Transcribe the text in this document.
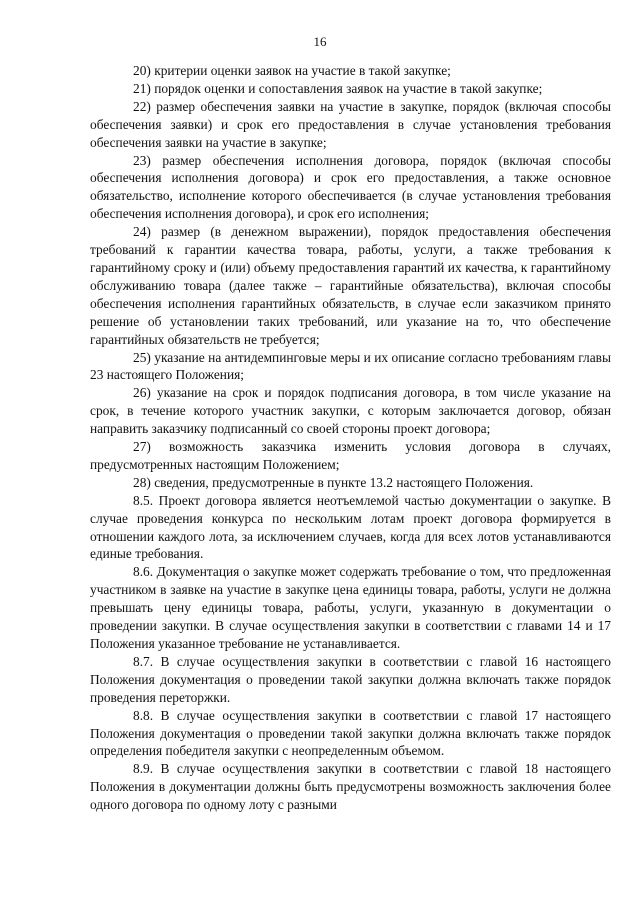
16

20) критерии оценки заявок на участие в такой закупке;

21) порядок оценки и сопоставления заявок на участие в такой закупке;

22) размер обеспечения заявки на участие в закупке, порядок (включая способы обеспечения заявки) и срок его предоставления в случае установления требования обеспечения заявки на участие в закупке;

23) размер обеспечения исполнения договора, порядок (включая способы обеспечения исполнения договора) и срок его предоставления, а также основное обязательство, исполнение которого обеспечивается (в случае установления требования обеспечения исполнения договора), и срок его исполнения;

24) размер (в денежном выражении), порядок предоставления обеспечения требований к гарантии качества товара, работы, услуги, а также требования к гарантийному сроку и (или) объему предоставления гарантий их качества, к гарантийному обслуживанию товара (далее также – гарантийные обязательства), включая способы обеспечения исполнения гарантийных обязательств, в случае если заказчиком принято решение об установлении таких требований, или указание на то, что обеспечение гарантийных обязательств не требуется;

25) указание на антидемпинговые меры и их описание согласно требованиям главы 23 настоящего Положения;

26) указание на срок и порядок подписания договора, в том числе указание на срок, в течение которого участник закупки, с которым заключается договор, обязан направить заказчику подписанный со своей стороны проект договора;

27) возможность заказчика изменить условия договора в случаях, предусмотренных настоящим Положением;

28) сведения, предусмотренные в пункте 13.2 настоящего Положения.

8.5. Проект договора является неотъемлемой частью документации о закупке. В случае проведения конкурса по нескольким лотам проект договора формируется в отношении каждого лота, за исключением случаев, когда для всех лотов устанавливаются единые требования.

8.6. Документация о закупке может содержать требование о том, что предложенная участником в заявке на участие в закупке цена единицы товара, работы, услуги не должна превышать цену единицы товара, работы, услуги, указанную в документации о проведении закупки. В случае осуществления закупки в соответствии с главами 14 и 17 Положения указанное требование не устанавливается.

8.7. В случае осуществления закупки в соответствии с главой 16 настоящего Положения документация о проведении такой закупки должна включать также порядок проведения переторжки.

8.8. В случае осуществления закупки в соответствии с главой 17 настоящего Положения документация о проведении такой закупки должна включать также порядок определения победителя закупки с неопределенным объемом.

8.9. В случае осуществления закупки в соответствии с главой 18 настоящего Положения в документации должны быть предусмотрены возможность заключения более одного договора по одному лоту с разными
